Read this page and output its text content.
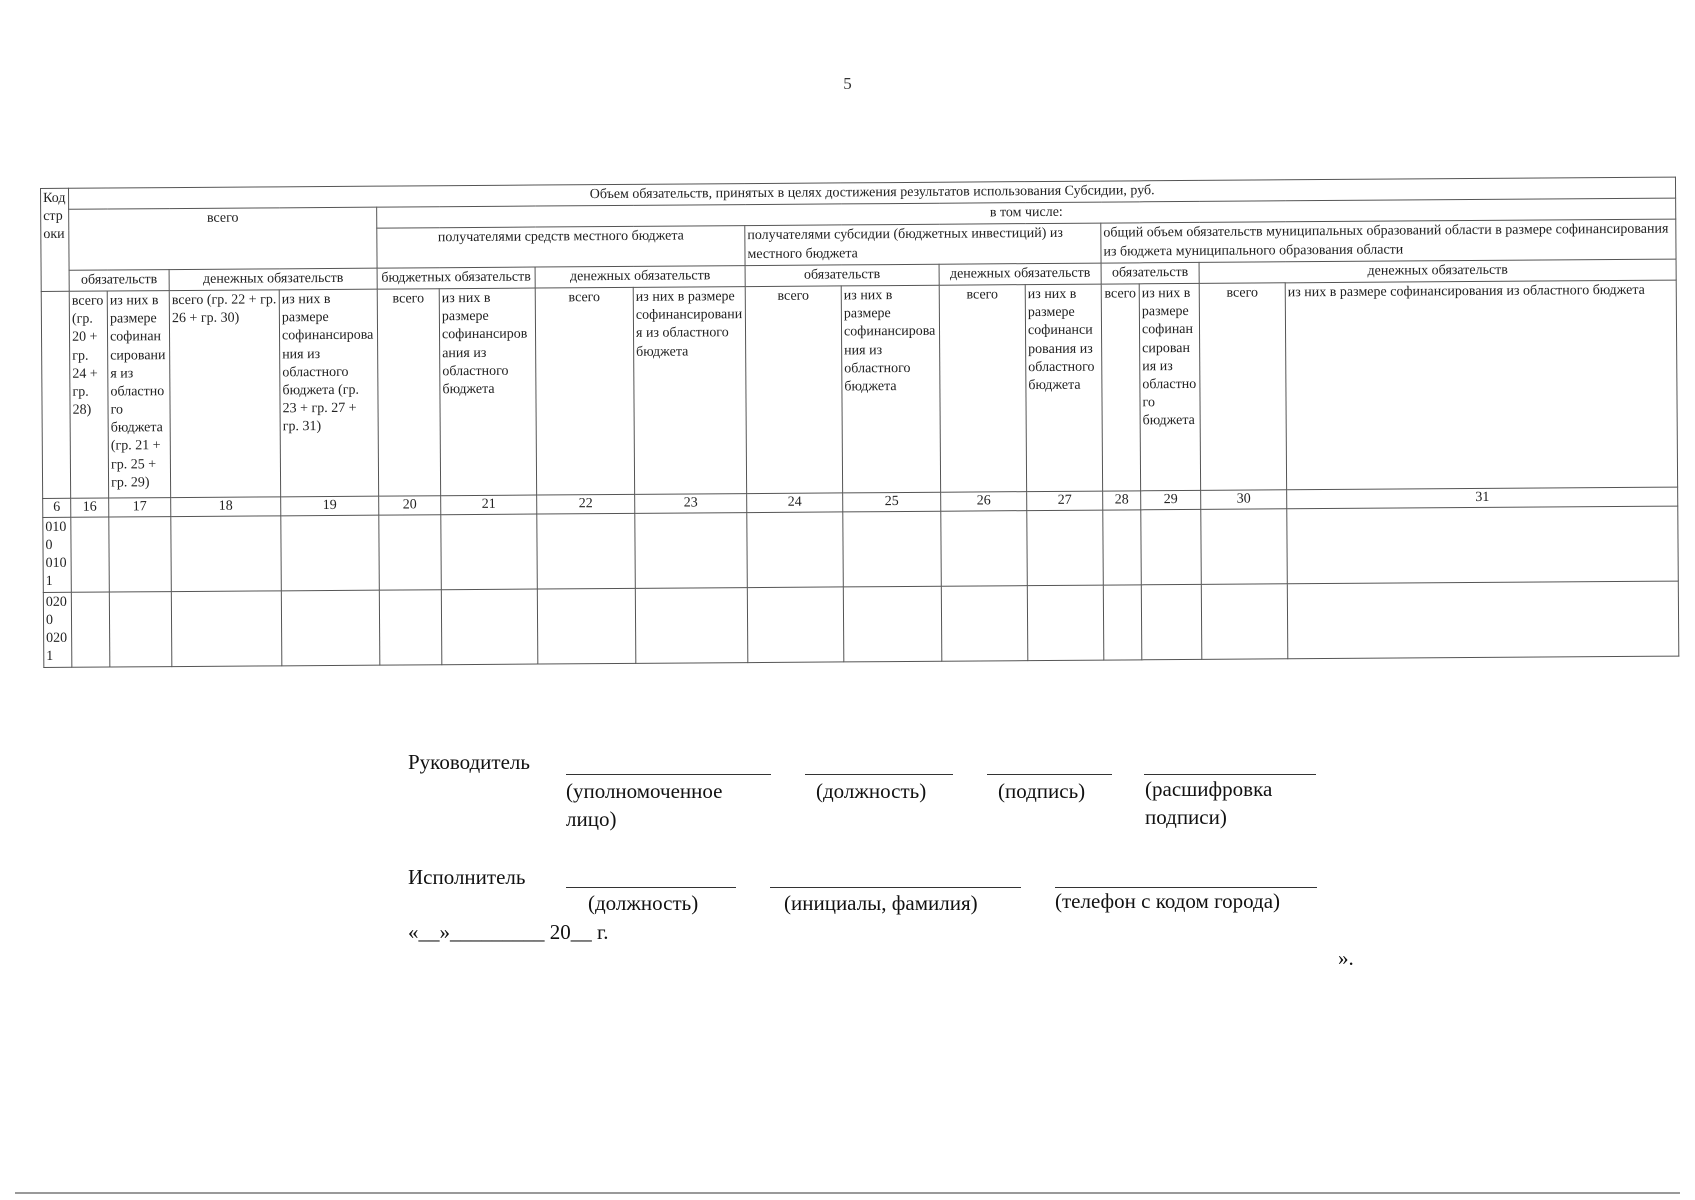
5
Код строки	Объем обязательств, принятых в целях достижения результатов использования Субсидии, руб.															
	всего				в том числе:											
					получателями средств местного бюджета				получателями субсидии (бюджетных инвестиций) из местного бюджета				общий объем обязательств муниципальных образований области в размере софинансирования из бюджета муниципального образования области			
	обязательств		денежных обязательств		бюджетных обязательств		денежных обязательств		обязательств		денежных обязательств		обязательств		денежных обязательств	
	всего (гр. 20 + гр. 24 + гр. 28)	из них в размере софинансирования из областного бюджета (гр. 21 + гр. 25 + гр. 29)	всего (гр. 22 + гр. 26 + гр. 30)	из них в размере софинансирования из областного бюджета (гр. 23 + гр. 27 + гр. 31)	всего	из них в размере софинансирования из областного бюджета	всего	из них в размере софинансирования из областного бюджета	всего	из них в размере софинансирования из областного бюджета	всего	из них в размере софинансирования из областного бюджета	всего	из них в размере софинансирования из областного бюджета	всего	из них в размере софинансирования из областного бюджета
6	16	17	18	19	20	21	22	23	24	25	26	27	28	29	30	31
0100 0101																
0200 0201																
Руководитель
(уполномоченное лицо)
(должность)	(подпись)	(расшифровка подписи)
Исполнитель
(должность)	(инициалы, фамилия)	(телефон с кодом города)
«__»_________ 20__ г.
».
